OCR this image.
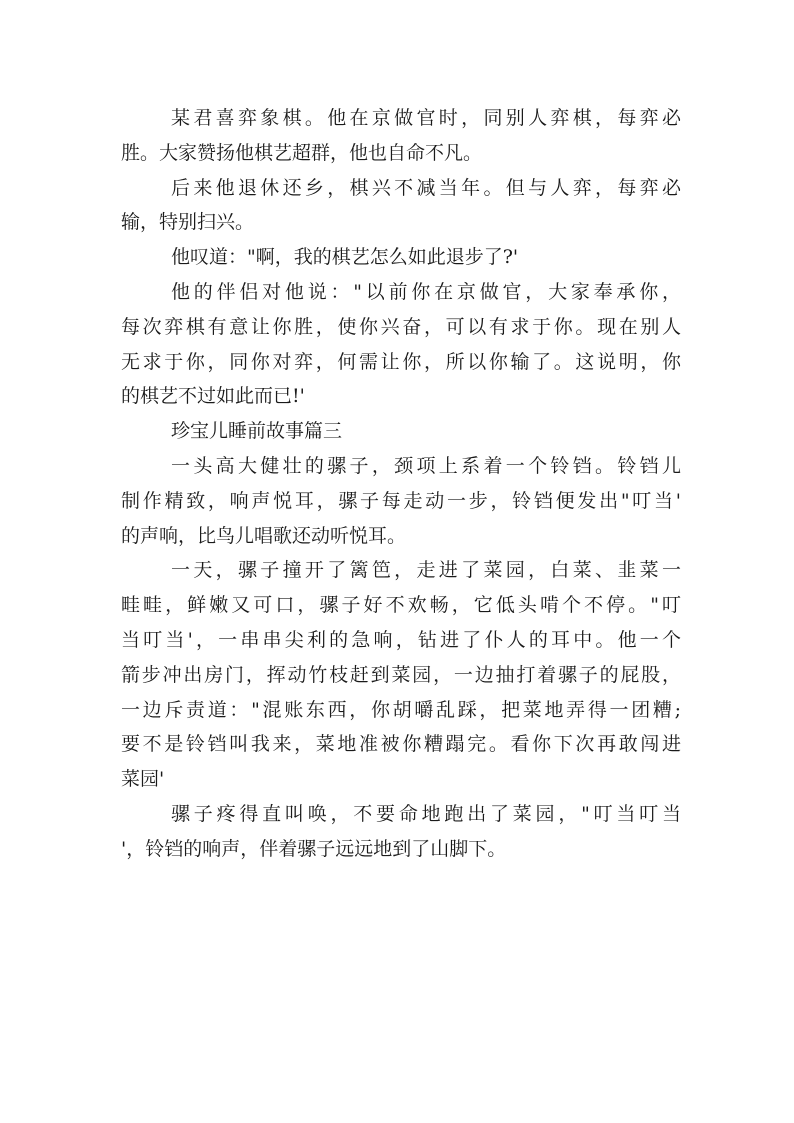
某君喜弈象棋。他在京做官时，同别人弈棋，每弈必
胜。大家赞扬他棋艺超群，他也自命不凡。
后来他退休还乡，棋兴不减当年。但与人弈，每弈必
输，特别扫兴。
他叹道："啊，我的棋艺怎么如此退步了?'
他的伴侣对他说："以前你在京做官，大家奉承你，
每次弈棋有意让你胜，使你兴奋，可以有求于你。现在别人
无求于你，同你对弈，何需让你，所以你输了。这说明，你
的棋艺不过如此而已!'
珍宝儿睡前故事篇三
一头高大健壮的骡子，颈项上系着一个铃铛。铃铛儿
制作精致，响声悦耳，骡子每走动一步，铃铛便发出"叮当'
的声响，比鸟儿唱歌还动听悦耳。
一天，骡子撞开了篱笆，走进了菜园，白菜、韭菜一
畦畦，鲜嫩又可口，骡子好不欢畅，它低头啃个不停。"叮
当叮当'，一串串尖利的急响，钻进了仆人的耳中。他一个
箭步冲出房门，挥动竹枝赶到菜园，一边抽打着骡子的屁股，
一边斥责道："混账东西，你胡嚼乱踩，把菜地弄得一团糟;
要不是铃铛叫我来，菜地准被你糟蹋完。看你下次再敢闯进
菜园'
骡子疼得直叫唤，不要命地跑出了菜园，"叮当叮当
'，铃铛的响声，伴着骡子远远地到了山脚下。
